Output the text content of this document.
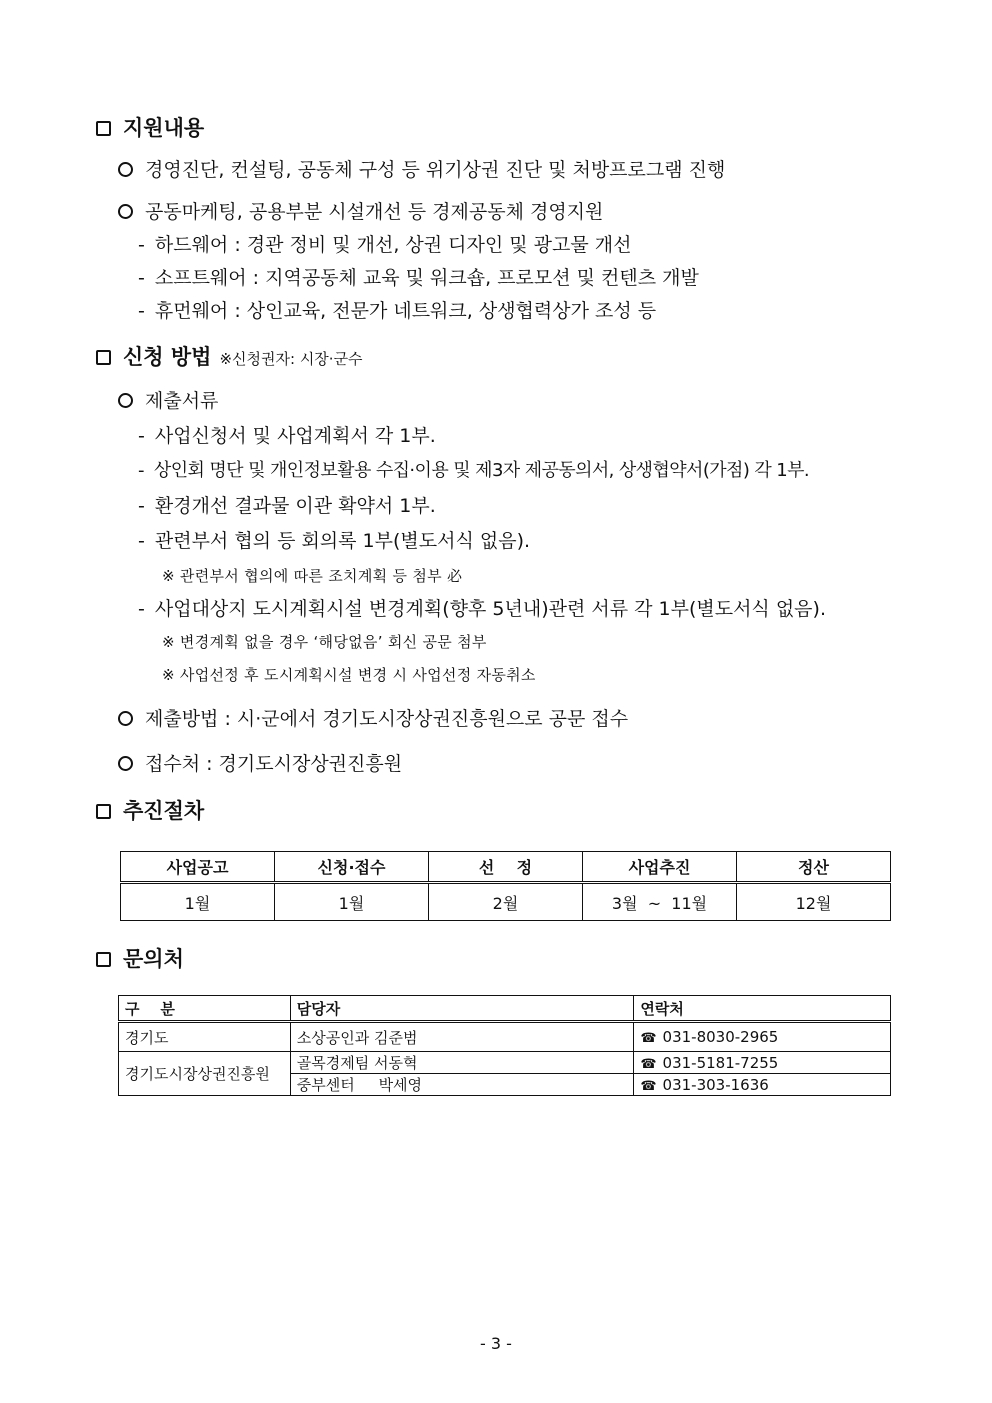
지원내용
경영진단, 컨설팅, 공동체 구성 등 위기상권 진단 및 처방프로그램 진행
공동마케팅, 공용부분 시설개선 등 경제공동체 경영지원
- 하드웨어 : 경관 정비 및 개선, 상권 디자인 및 광고물 개선
- 소프트웨어 : 지역공동체 교육 및 워크숍, 프로모션 및 컨텐츠 개발
- 휴먼웨어 : 상인교육, 전문가 네트워크, 상생협력상가 조성 등
신청 방법 ※신청권자: 시장·군수
제출서류
- 사업신청서 및 사업계획서 각 1부.
- 상인회 명단 및 개인정보활용 수집·이용 및 제3자 제공동의서, 상생협약서(가점) 각 1부.
- 환경개선 결과물 이관 확약서 1부.
- 관련부서 협의 등 회의록 1부(별도서식 없음).
※ 관련부서 협의에 따른 조치계획 등 첨부 必
- 사업대상지 도시계획시설 변경계획(향후 5년내)관련 서류 각 1부(별도서식 없음).
※ 변경계획 없을 경우 ‘해당없음’ 회신 공문 첨부
※ 사업선정 후 도시계획시설 변경 시 사업선정 자동취소
제출방법 : 시·군에서 경기도시장상권진흥원으로 공문 접수
접수처 : 경기도시장상권진흥원
추진절차
사업공고	신청·접수	선    정	사업추진	정산
1월	1월	2월	3월  ~  11월	12월
문의처
구    분	담당자	연락처
경기도	소상공인과 김준범	☎ 031-8030-2965
경기도시장상권진흥원	골목경제팀 서동혁	☎ 031-5181-7255
	중부센터     박세영	☎ 031-303-1636
- 3 -
